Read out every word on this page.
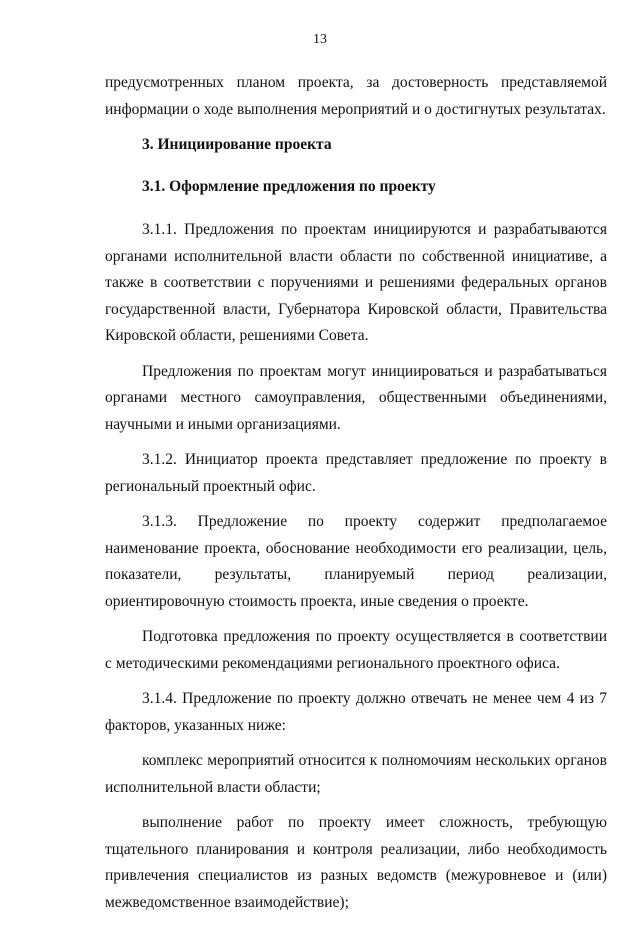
13

предусмотренных планом проекта, за достоверность представляемой информации о ходе выполнения мероприятий и о достигнутых результатах.

3. Инициирование проекта

3.1. Оформление предложения по проекту

3.1.1. Предложения по проектам инициируются и разрабатываются органами исполнительной власти области по собственной инициативе, а также в соответствии с поручениями и решениями федеральных органов государственной власти, Губернатора Кировской области, Правительства Кировской области, решениями Совета.

Предложения по проектам могут инициироваться и разрабатываться органами местного самоуправления, общественными объединениями, научными и иными организациями.

3.1.2. Инициатор проекта представляет предложение по проекту в региональный проектный офис.

3.1.3. Предложение по проекту содержит предполагаемое наименование проекта, обоснование необходимости его реализации, цель, показатели, результаты, планируемый период реализации, ориентировочную стоимость проекта, иные сведения о проекте.

Подготовка предложения по проекту осуществляется в соответствии с методическими рекомендациями регионального проектного офиса.

3.1.4. Предложение по проекту должно отвечать не менее чем 4 из 7 факторов, указанных ниже:

комплекс мероприятий относится к полномочиям нескольких органов исполнительной власти области;

выполнение работ по проекту имеет сложность, требующую тщательного планирования и контроля реализации, либо необходимость привлечения специалистов из разных ведомств (межуровневое и (или) межведомственное взаимодействие);
